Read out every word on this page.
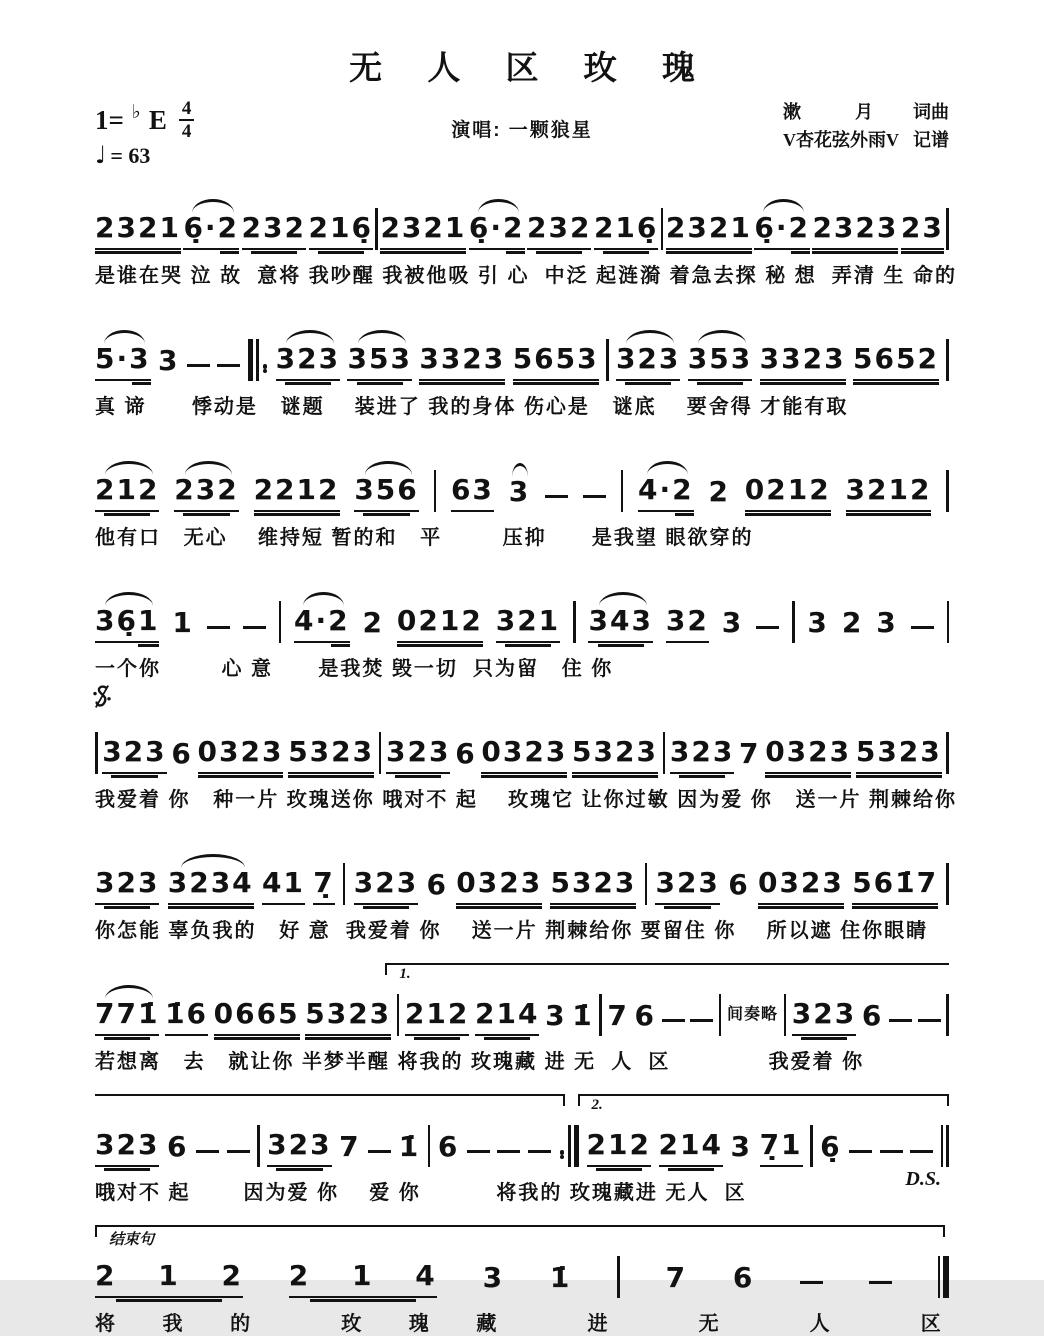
无 人 区 玫 瑰
1= ♭ E 4
4
♩ = 63
演唱: 一颗狼星
漱　　　月 词曲
V杏花弦外雨V 记谱
2321 6̣·2 232 216̣ 2321 6̣·2 232 216̣ 2321 6̣·2 2323 23
是谁在哭 泣 故  意将 我吵醒 我被他吸 引 心  中泛 起涟漪 着急去探 秘 想  弄清 生 命的
5·3 3	323 353 3323 5653 323 353 3323 5652
真 谛      悸动是   谜题    装进了 我的身体 伤心是   谜底    要舍得 才能有取
212 232 2212 356 63 3	4·2 2 0212 3212
他有口   无心    维持短 暂的和   平        压抑      是我望 眼欲穿的
36̣1 1	4·2 2 0212 321 343 32 3 3 2 3
一个你        心 意      是我焚 毁一切  只为留   住 你
323 6 0323 5323 323 6 0323 5323 323 7 0323 5323
我爱着 你   种一片 玫瑰送你 哦对不 起    玫瑰它 让你过敏 因为爱 你   送一片 荆棘给你
323 3234 41 7̣ 323 6 0323 5323 323 6 0323 561̇7
你怎能 辜负我的   好 意  我爱着 你    送一片 荆棘给你 要留住 你    所以遮 住你眼睛
1.
771̇ 1̇6 0665 5323 212 214 3 1̇ 7 6	间奏略 323 6
若想离   去   就让你 半梦半醒 将我的 玫瑰藏 进 无  人  区             我爱着 你
2.
323 6	323 7 1̇ 6	212 214 3 7̣1 6̣
哦对不 起       因为爱 你    爱 你          将我的 玫瑰藏进 无人  区
D.S.
结束句
2 1 2 2 1 4 3 1̇	7 6
将 我 的  玫 瑰 藏  进  无  人  区
